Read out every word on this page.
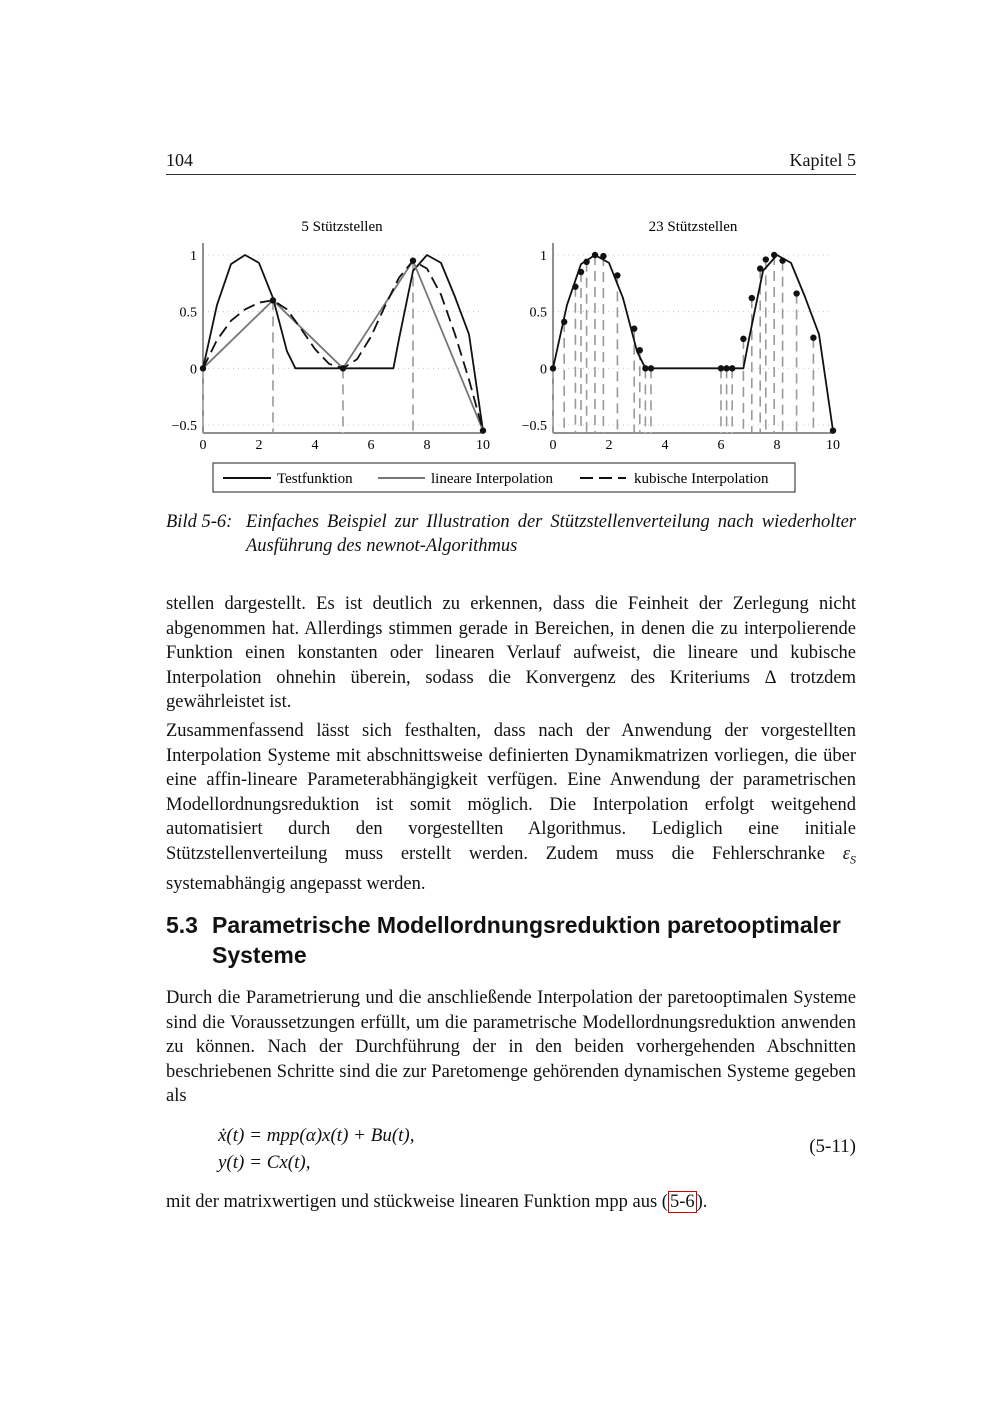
104	Kapitel 5
5 Stützstellen	23 Stützstellen
1
0.5
0
−0.5
0	2	4	6	8	10
1
0.5
0
−0.5
0	2	4	6	8	10
Testfunktion	lineare Interpolation	kubische Interpolation
Bild 5-6: Einfaches Beispiel zur Illustration der Stützstellenverteilung nach wiederholter Ausführung des newnot-Algorithmus

stellen dargestellt. Es ist deutlich zu erkennen, dass die Feinheit der Zerlegung nicht abgenommen hat. Allerdings stimmen gerade in Bereichen, in denen die zu interpolierende Funktion einen konstanten oder linearen Verlauf aufweist, die lineare und kubische Interpolation ohnehin überein, sodass die Konvergenz des Kriteriums Δ trotzdem gewährleistet ist.

Zusammenfassend lässt sich festhalten, dass nach der Anwendung der vorgestellten Interpolation Systeme mit abschnittsweise definierten Dynamikmatrizen vorliegen, die über eine affin-lineare Parameterabhängigkeit verfügen. Eine Anwendung der parametrischen Modellordnungsreduktion ist somit möglich. Die Interpolation erfolgt weitgehend automatisiert durch den vorgestellten Algorithmus. Lediglich eine initiale Stützstellenverteilung muss erstellt werden. Zudem muss die Fehlerschranke $\varepsilon_S$ systemabhängig angepasst werden.

5.3 Parametrische Modellordnungsreduktion paretooptimaler Systeme

Durch die Parametrierung und die anschließende Interpolation der paretooptimalen Systeme sind die Voraussetzungen erfüllt, um die parametrische Modellordnungsreduktion anwenden zu können. Nach der Durchführung der in den beiden vorhergehenden Abschnitten beschriebenen Schritte sind die zur Paretomenge gehörenden dynamischen Systeme gegeben als

ẋ(t) = mpp(α)x(t) + Bu(t),
y(t) = Cx(t),
(5-11)

mit der matrixwertigen und stückweise linearen Funktion mpp aus ( 5-6 ).
